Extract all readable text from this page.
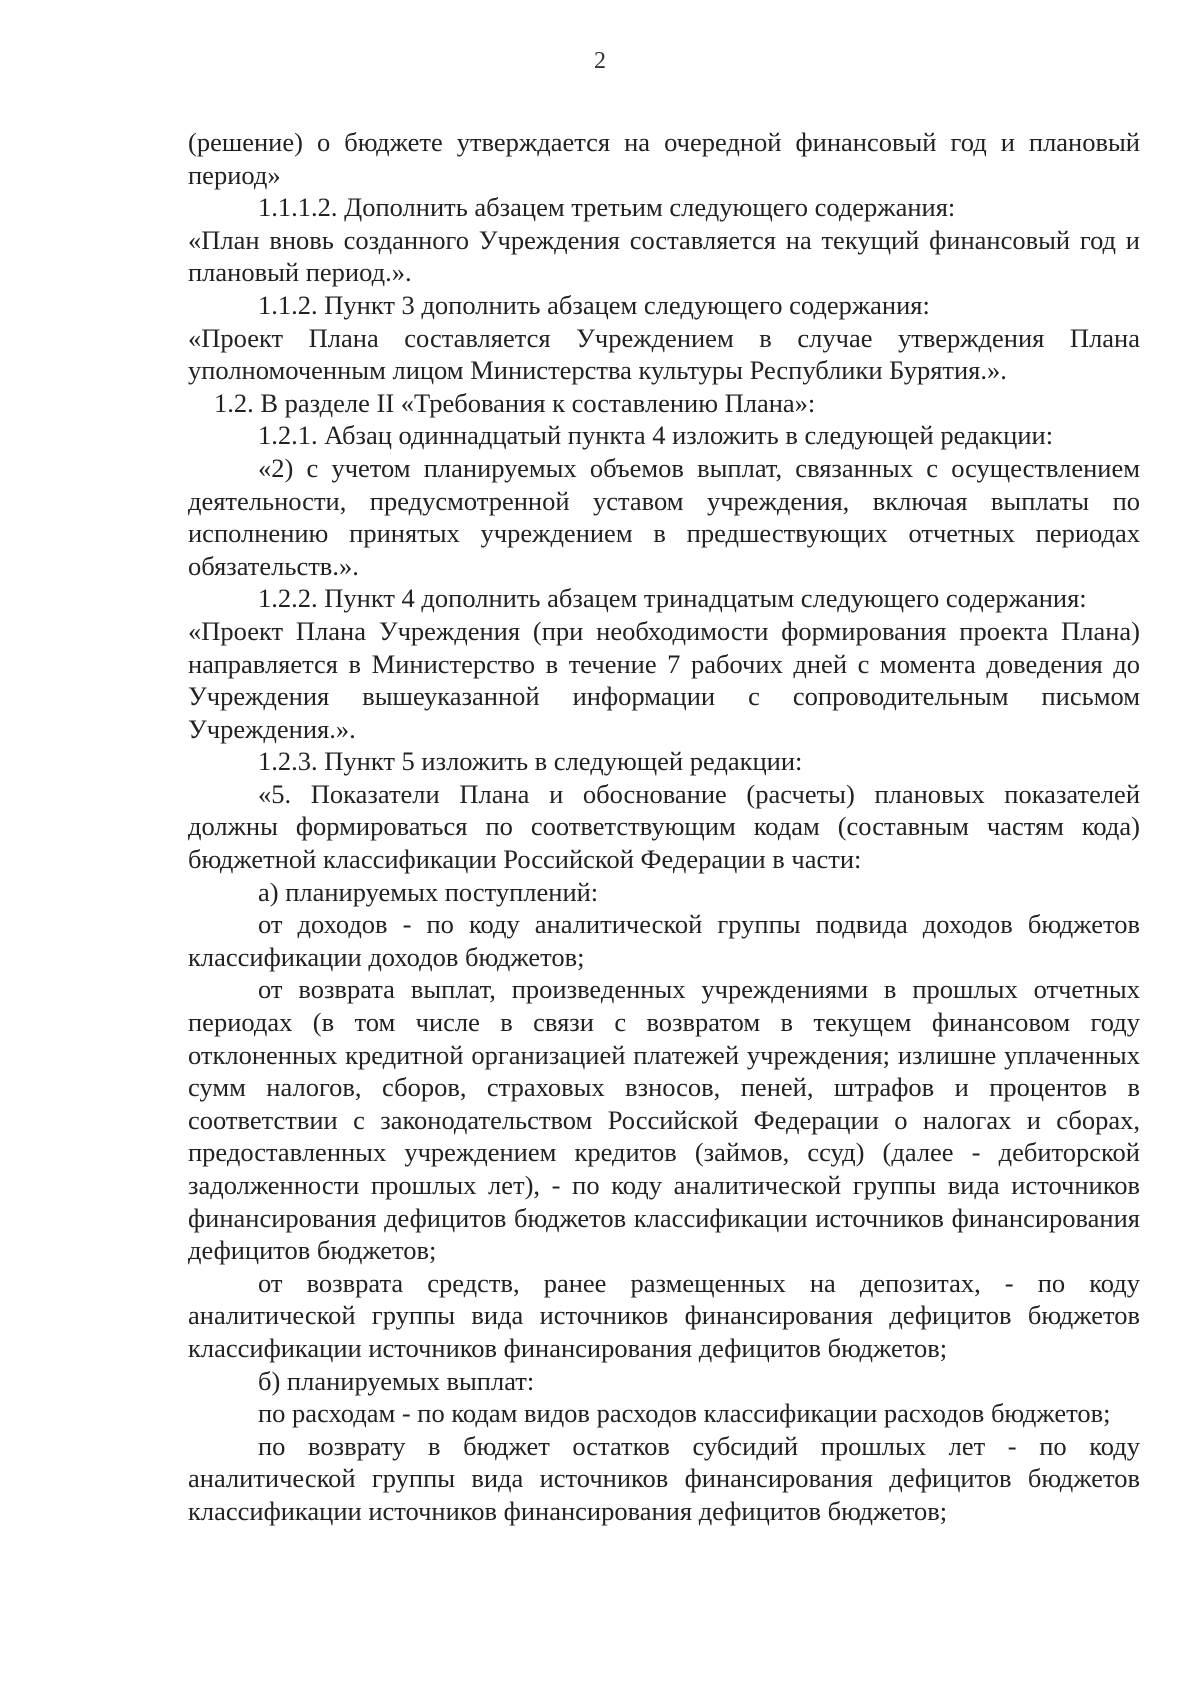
2

(решение) о бюджете утверждается на очередной финансовый год и плановый период»

1.1.1.2. Дополнить абзацем третьим следующего содержания:

«План вновь созданного Учреждения составляется на текущий финансовый год и плановый период.».

1.1.2. Пункт 3 дополнить абзацем следующего содержания:

«Проект Плана составляется Учреждением в случае утверждения Плана уполномоченным лицом Министерства культуры Республики Бурятия.».

1.2. В разделе II «Требования к составлению Плана»:

1.2.1. Абзац одиннадцатый пункта 4 изложить в следующей редакции:

«2) с учетом планируемых объемов выплат, связанных с осуществлением деятельности, предусмотренной уставом учреждения, включая выплаты по исполнению принятых учреждением в предшествующих отчетных периодах обязательств.».

1.2.2. Пункт 4 дополнить абзацем тринадцатым следующего содержания:

«Проект Плана Учреждения (при необходимости формирования проекта Плана) направляется в Министерство в течение 7 рабочих дней с момента доведения до Учреждения вышеуказанной информации с сопроводительным письмом Учреждения.».

1.2.3. Пункт 5 изложить в следующей редакции:

«5. Показатели Плана и обоснование (расчеты) плановых показателей должны формироваться по соответствующим кодам (составным частям кода) бюджетной классификации Российской Федерации в части:

а) планируемых поступлений:

от доходов - по коду аналитической группы подвида доходов бюджетов классификации доходов бюджетов;

от возврата выплат, произведенных учреждениями в прошлых отчетных периодах (в том числе в связи с возвратом в текущем финансовом году отклоненных кредитной организацией платежей учреждения; излишне уплаченных сумм налогов, сборов, страховых взносов, пеней, штрафов и процентов в соответствии с законодательством Российской Федерации о налогах и сборах, предоставленных учреждением кредитов (займов, ссуд) (далее - дебиторской задолженности прошлых лет), - по коду аналитической группы вида источников финансирования дефицитов бюджетов классификации источников финансирования дефицитов бюджетов;

от возврата средств, ранее размещенных на депозитах, - по коду аналитической группы вида источников финансирования дефицитов бюджетов классификации источников финансирования дефицитов бюджетов;

б) планируемых выплат:

по расходам - по кодам видов расходов классификации расходов бюджетов;

по возврату в бюджет остатков субсидий прошлых лет - по коду аналитической группы вида источников финансирования дефицитов бюджетов классификации источников финансирования дефицитов бюджетов;
